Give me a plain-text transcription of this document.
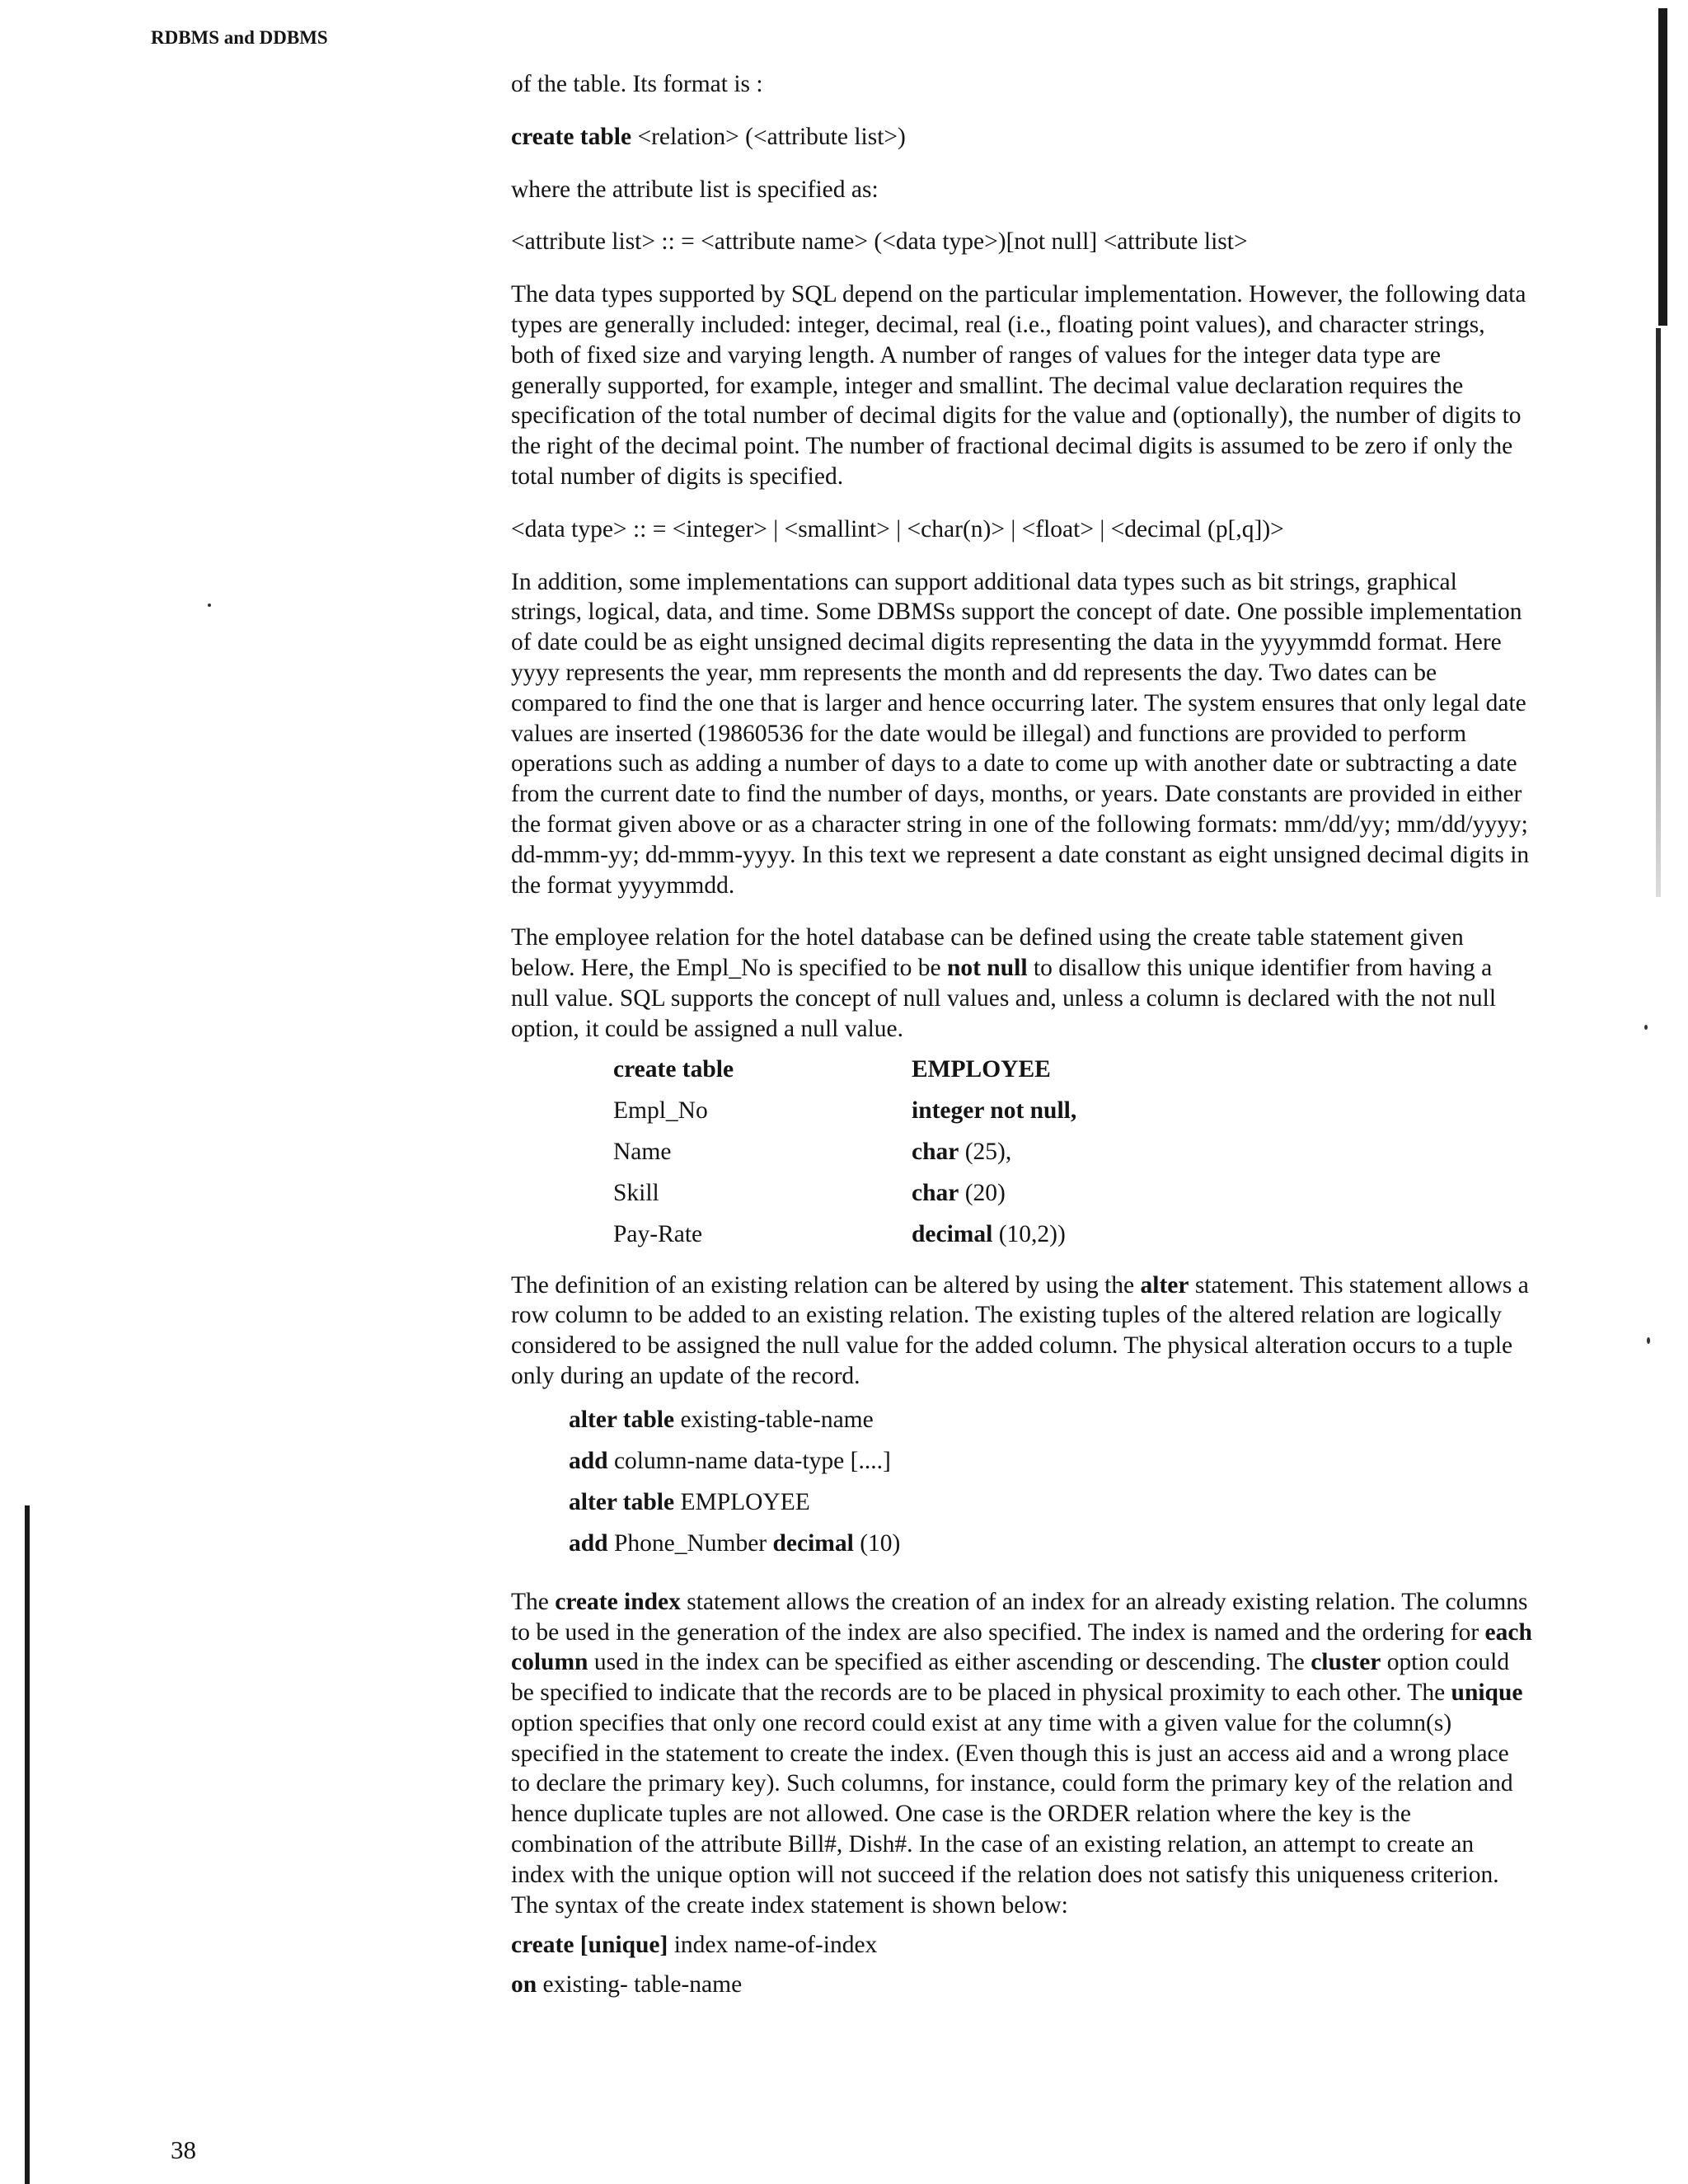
RDBMS and DDBMS

of the table. Its format is :

create table <relation> (<attribute list>)

where the attribute list is specified as:

<attribute list> :: = <attribute name> (<data type>)[not null] <attribute list>

The data types supported by SQL depend on the particular implementation. However, the following data types are generally included: integer, decimal, real (i.e., floating point values), and character strings, both of fixed size and varying length. A number of ranges of values for the integer data type are generally supported, for example, integer and smallint. The decimal value declaration requires the specification of the total number of decimal digits for the value and (optionally), the number of digits to the right of the decimal point. The number of fractional decimal digits is assumed to be zero if only the total number of digits is specified.

<data type> :: = <integer> | <smallint> | <char(n)> | <float> | <decimal (p[,q])>

In addition, some implementations can support additional data types such as bit strings, graphical strings, logical, data, and time. Some DBMSs support the concept of date. One possible implementation of date could be as eight unsigned decimal digits representing the data in the yyyymmdd format. Here yyyy represents the year, mm represents the month and dd represents the day. Two dates can be compared to find the one that is larger and hence occurring later. The system ensures that only legal date values are inserted (19860536 for the date would be illegal) and functions are provided to perform operations such as adding a number of days to a date to come up with another date or subtracting a date from the current date to find the number of days, months, or years. Date constants are provided in either the format given above or as a character string in one of the following formats: mm/dd/yy; mm/dd/yyyy; dd-mmm-yy; dd-mmm-yyyy. In this text we represent a date constant as eight unsigned decimal digits in the format yyyymmdd.

The employee relation for the hotel database can be defined using the create table statement given below. Here, the Empl_No is specified to be not null to disallow this unique identifier from having a null value. SQL supports the concept of null values and, unless a column is declared with the not null option, it could be assigned a null value.

create table	EMPLOYEE
Empl_No	integer not null,
Name	char (25),
Skill	char (20)
Pay-Rate	decimal (10,2))

The definition of an existing relation can be altered by using the alter statement. This statement allows a row column to be added to an existing relation. The existing tuples of the altered relation are logically considered to be assigned the null value for the added column. The physical alteration occurs to a tuple only during an update of the record.

alter table existing-table-name
add column-name data-type [....]
alter table EMPLOYEE
add Phone_Number decimal (10)

The create index statement allows the creation of an index for an already existing relation. The columns to be used in the generation of the index are also specified. The index is named and the ordering for each column used in the index can be specified as either ascending or descending. The cluster option could be specified to indicate that the records are to be placed in physical proximity to each other. The unique option specifies that only one record could exist at any time with a given value for the column(s) specified in the statement to create the index. (Even though this is just an access aid and a wrong place to declare the primary key). Such columns, for instance, could form the primary key of the relation and hence duplicate tuples are not allowed. One case is the ORDER relation where the key is the combination of the attribute Bill#, Dish#. In the case of an existing relation, an attempt to create an index with the unique option will not succeed if the relation does not satisfy this uniqueness criterion. The syntax of the create index statement is shown below:

create [unique] index name-of-index
on existing- table-name
38
